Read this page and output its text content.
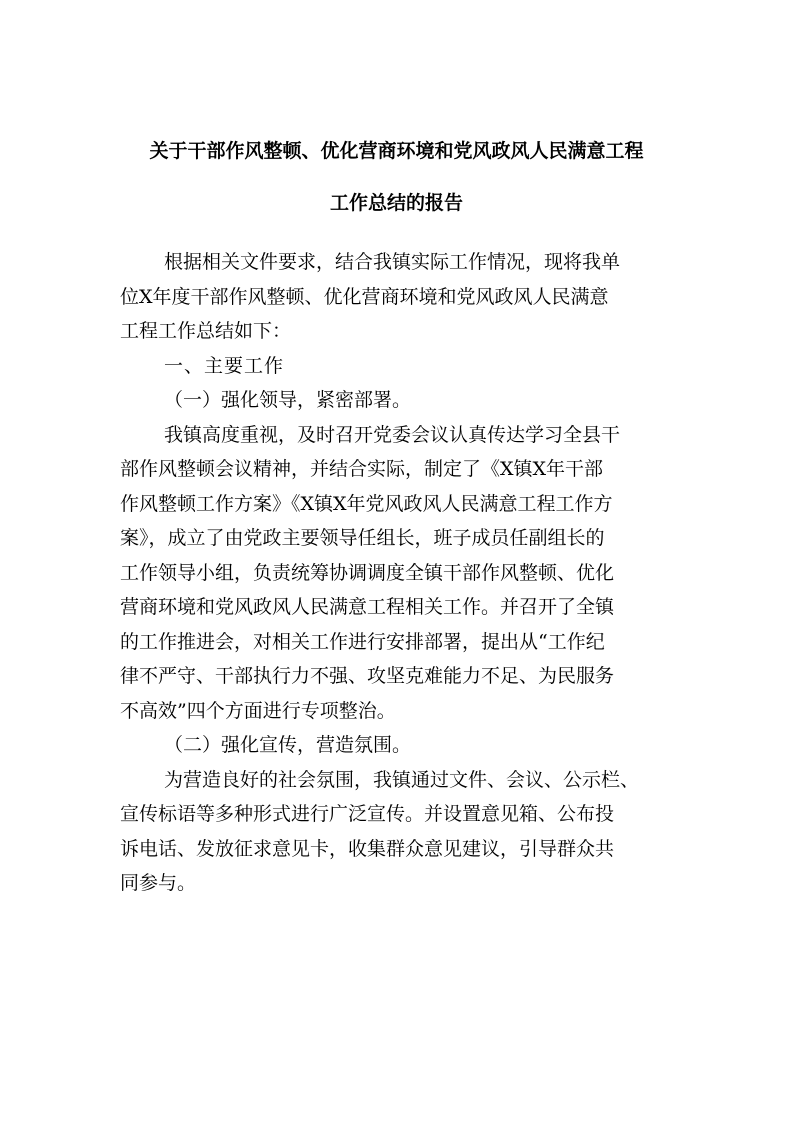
关于干部作风整顿、优化营商环境和党风政风人民满意工程
工作总结的报告
根据相关文件要求，结合我镇实际工作情况，现将我单
位X年度干部作风整顿、优化营商环境和党风政风人民满意
工程工作总结如下：
一、主要工作
（一）强化领导，紧密部署。
我镇高度重视，及时召开党委会议认真传达学习全县干
部作风整顿会议精神，并结合实际，制定了《X镇X年干部
作风整顿工作方案》《X镇X年党风政风人民满意工程工作方
案》，成立了由党政主要领导任组长，班子成员任副组长的
工作领导小组，负责统筹协调调度全镇干部作风整顿、优化
营商环境和党风政风人民满意工程相关工作。并召开了全镇
的工作推进会，对相关工作进行安排部署，提出从“工作纪
律不严守、干部执行力不强、攻坚克难能力不足、为民服务
不高效”四个方面进行专项整治。
（二）强化宣传，营造氛围。
为营造良好的社会氛围，我镇通过文件、会议、公示栏、
宣传标语等多种形式进行广泛宣传。并设置意见箱、公布投
诉电话、发放征求意见卡，收集群众意见建议，引导群众共
同参与。
